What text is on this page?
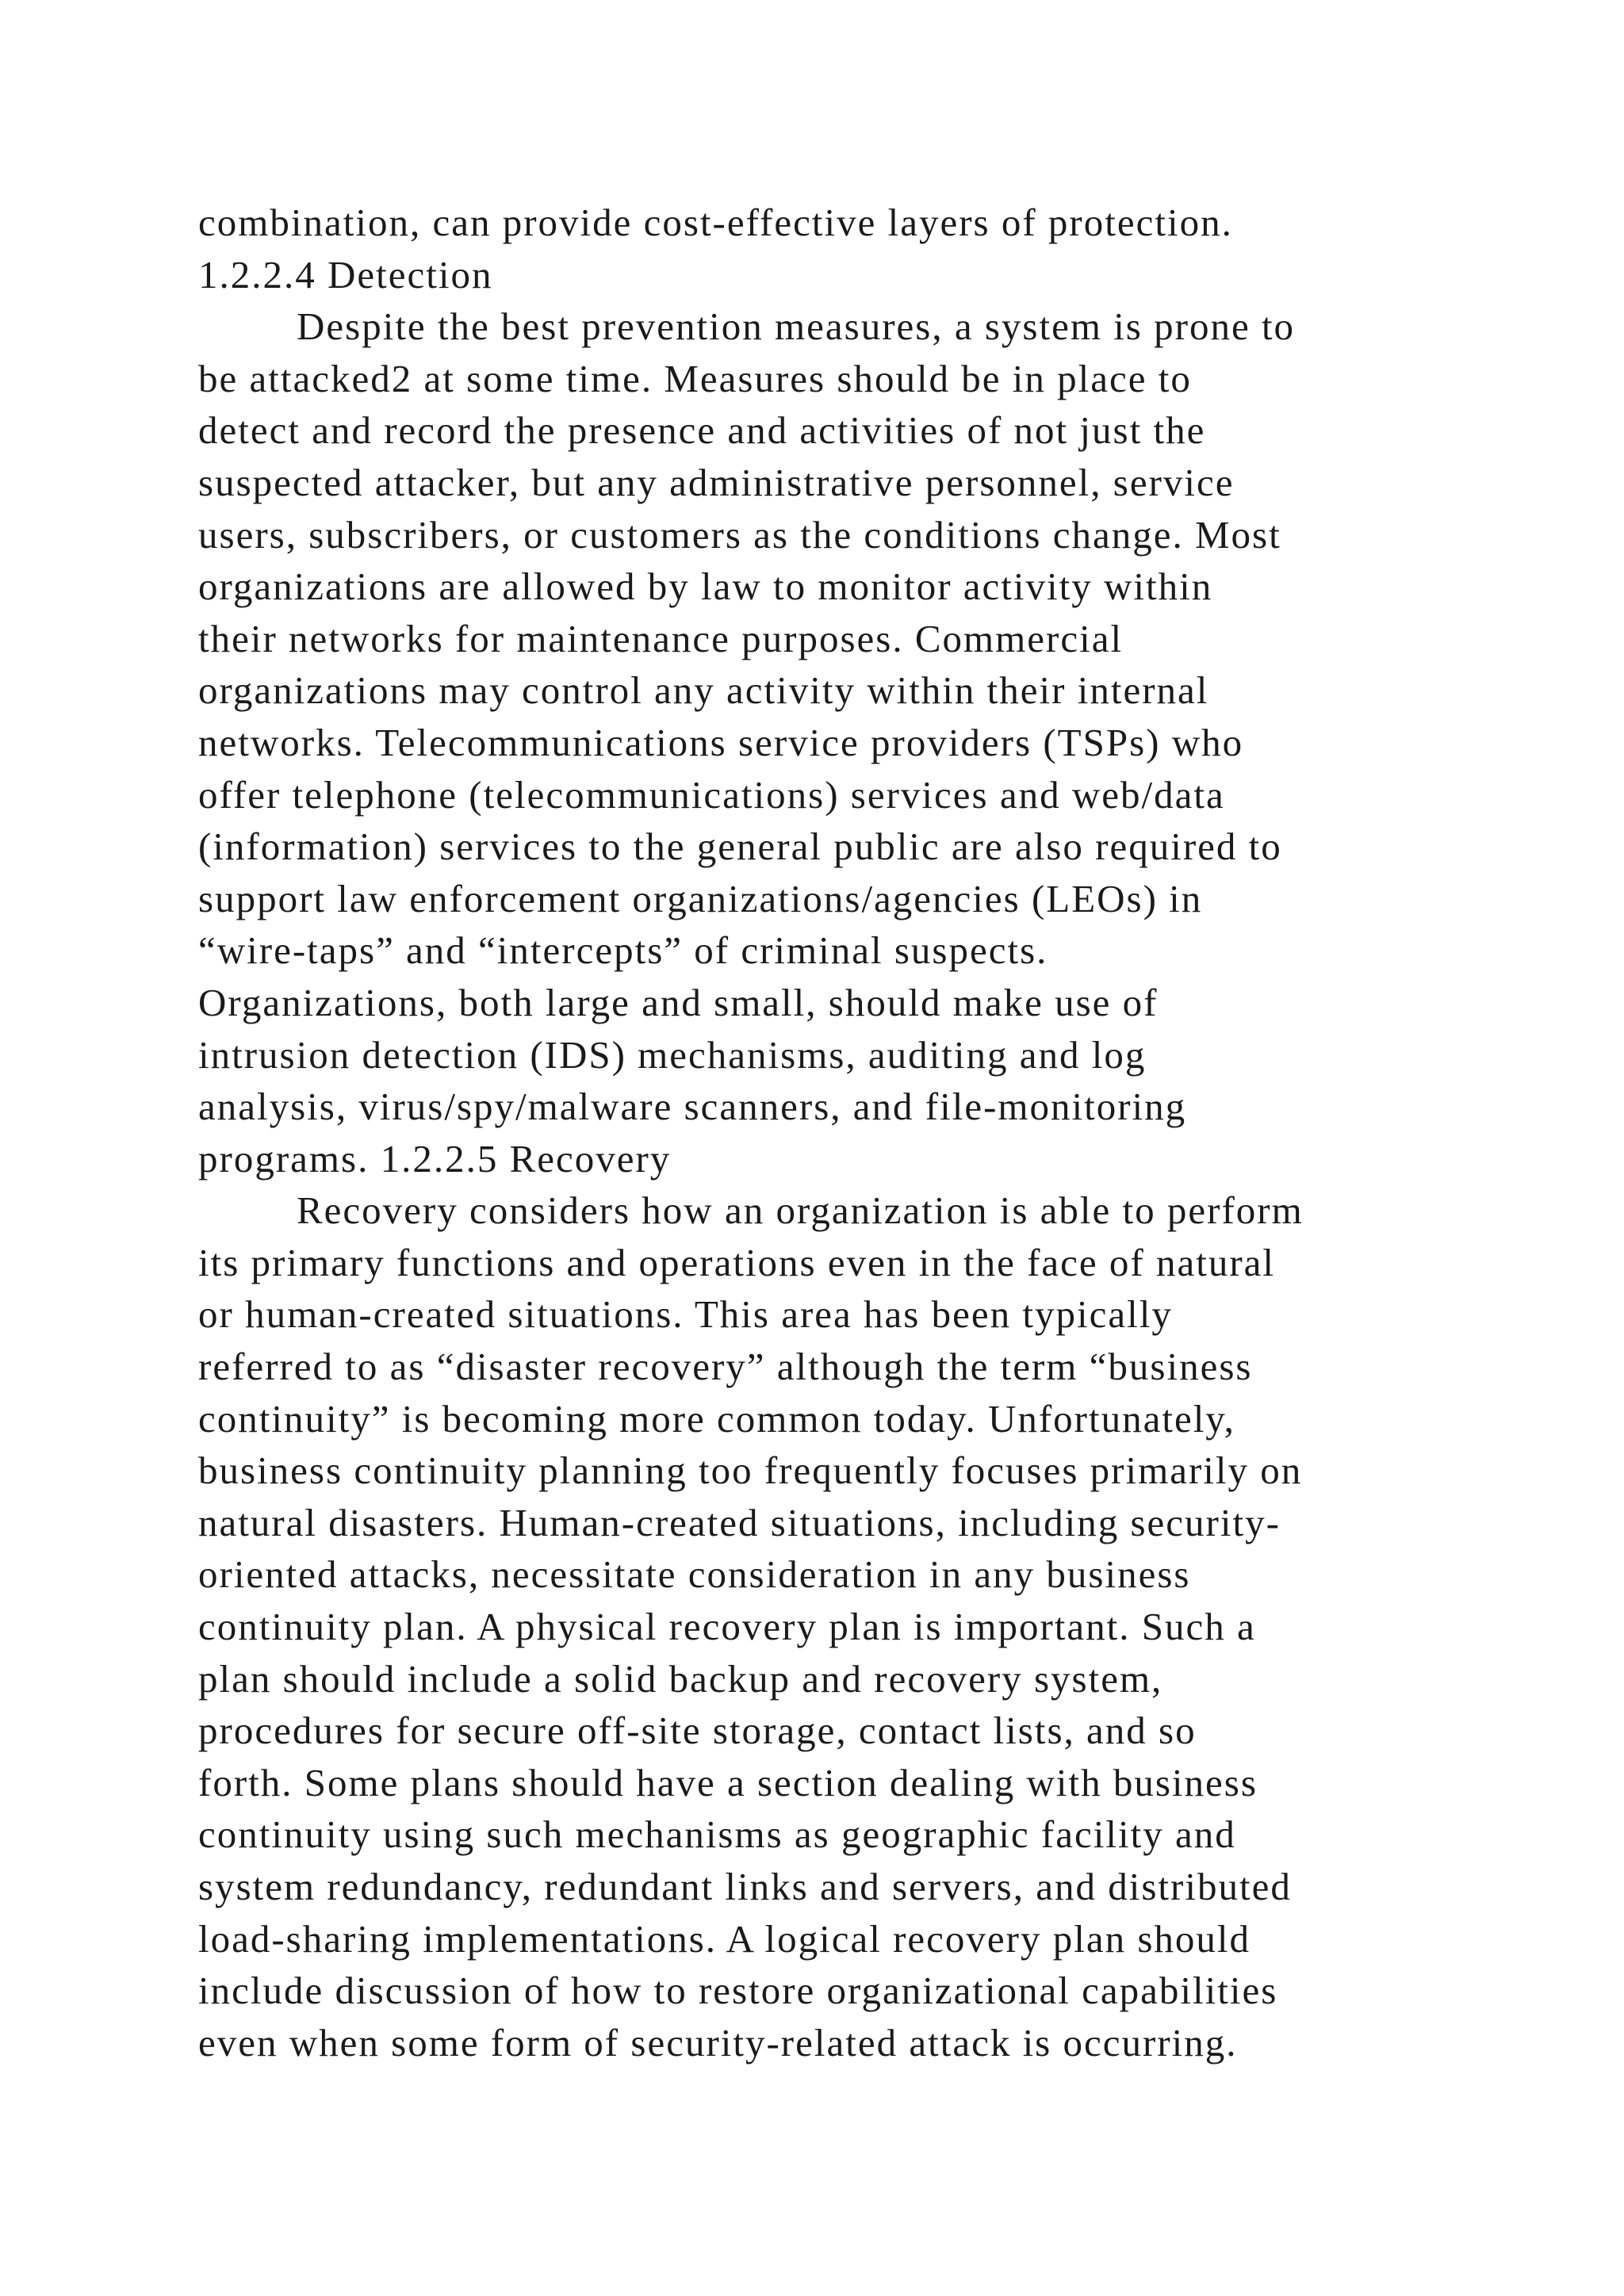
combination, can provide cost-effective layers of protection.
1.2.2.4 Detection
Despite the best prevention measures, a system is prone to
be attacked2 at some time. Measures should be in place to
detect and record the presence and activities of not just the
suspected attacker, but any administrative personnel, service
users, subscribers, or customers as the conditions change. Most
organizations are allowed by law to monitor activity within
their networks for maintenance purposes. Commercial
organizations may control any activity within their internal
networks. Telecommunications service providers (TSPs) who
offer telephone (telecommunications) services and web/data
(information) services to the general public are also required to
support law enforcement organizations/agencies (LEOs) in
“wire-taps” and “intercepts” of criminal suspects.
Organizations, both large and small, should make use of
intrusion detection (IDS) mechanisms, auditing and log
analysis, virus/spy/malware scanners, and file-monitoring
programs. 1.2.2.5 Recovery
Recovery considers how an organization is able to perform
its primary functions and operations even in the face of natural
or human-created situations. This area has been typically
referred to as “disaster recovery” although the term “business
continuity” is becoming more common today. Unfortunately,
business continuity planning too frequently focuses primarily on
natural disasters. Human-created situations, including security-
oriented attacks, necessitate consideration in any business
continuity plan. A physical recovery plan is important. Such a
plan should include a solid backup and recovery system,
procedures for secure off-site storage, contact lists, and so
forth. Some plans should have a section dealing with business
continuity using such mechanisms as geographic facility and
system redundancy, redundant links and servers, and distributed
load-sharing implementations. A logical recovery plan should
include discussion of how to restore organizational capabilities
even when some form of security-related attack is occurring.
